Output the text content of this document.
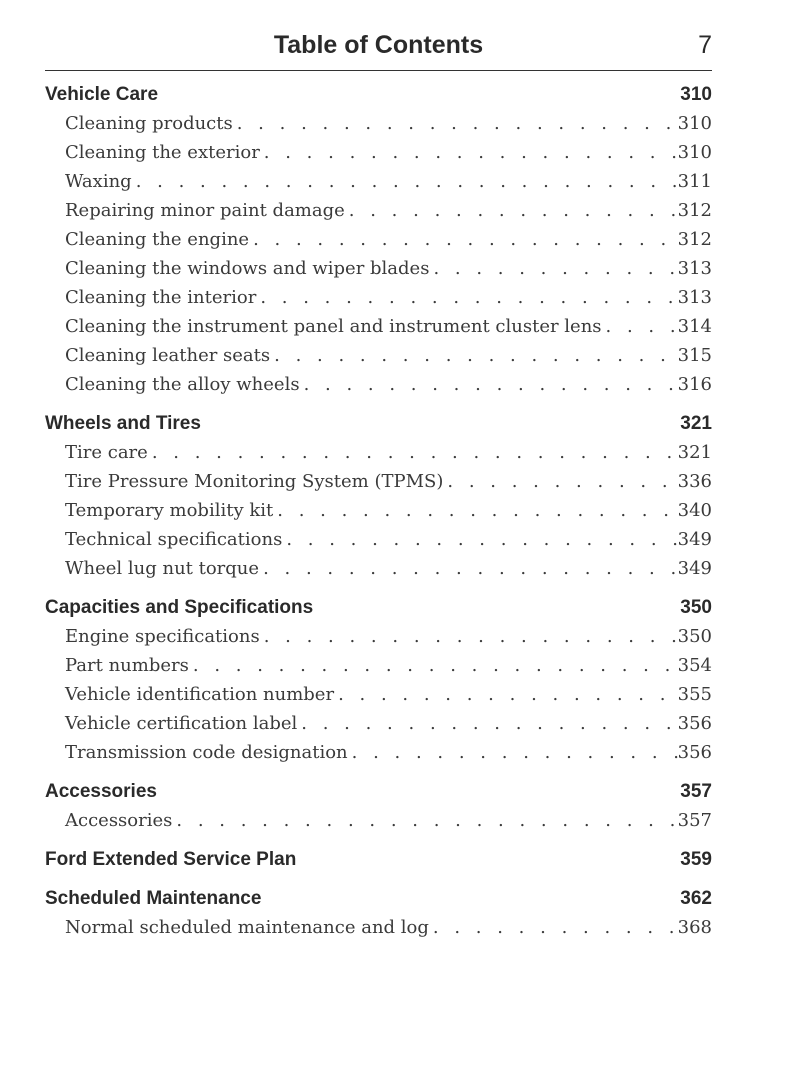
Table of Contents	7
Vehicle Care	310
Cleaning products . . .	310
Cleaning the exterior . . .	310
Waxing . . .	311
Repairing minor paint damage . . .	312
Cleaning the engine . . .	312
Cleaning the windows and wiper blades . . .	313
Cleaning the interior . . .	313
Cleaning the instrument panel and instrument cluster lens . . .	314
Cleaning leather seats . . .	315
Cleaning the alloy wheels . . .	316
Wheels and Tires	321
Tire care . . .	321
Tire Pressure Monitoring System (TPMS) . . .	336
Temporary mobility kit . . .	340
Technical specifications . . .	349
Wheel lug nut torque . . .	349
Capacities and Specifications	350
Engine specifications . . .	350
Part numbers . . .	354
Vehicle identification number . . .	355
Vehicle certification label . . .	356
Transmission code designation . . .	356
Accessories	357
Accessories . . .	357
Ford Extended Service Plan	359
Scheduled Maintenance	362
Normal scheduled maintenance and log . . .	368
